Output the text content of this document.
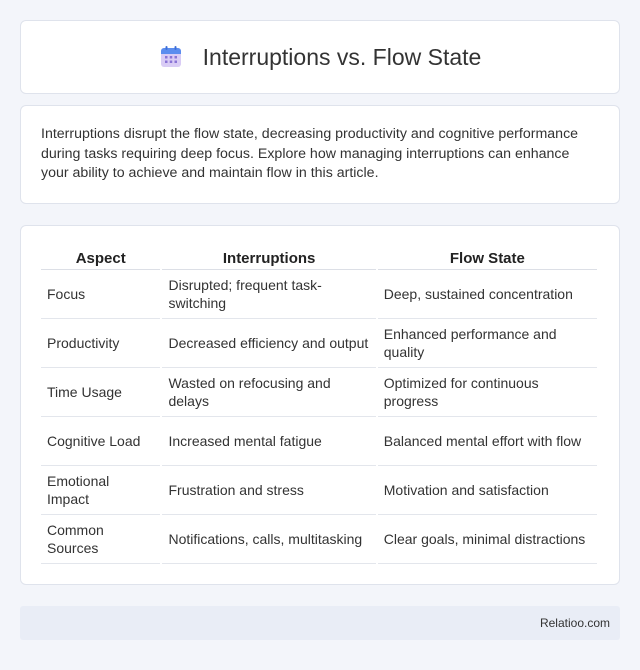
Interruptions vs. Flow State

Interruptions disrupt the flow state, decreasing productivity and cognitive performance during tasks requiring deep focus. Explore how managing interruptions can enhance your ability to achieve and maintain flow in this article.

Aspect	Interruptions	Flow State
Focus	Disrupted; frequent task-switching	Deep, sustained concentration
Productivity	Decreased efficiency and output	Enhanced performance and quality
Time Usage	Wasted on refocusing and delays	Optimized for continuous progress
Cognitive Load	Increased mental fatigue	Balanced mental effort with flow
Emotional Impact	Frustration and stress	Motivation and satisfaction
Common Sources	Notifications, calls, multitasking	Clear goals, minimal distractions
Relatioo.com
